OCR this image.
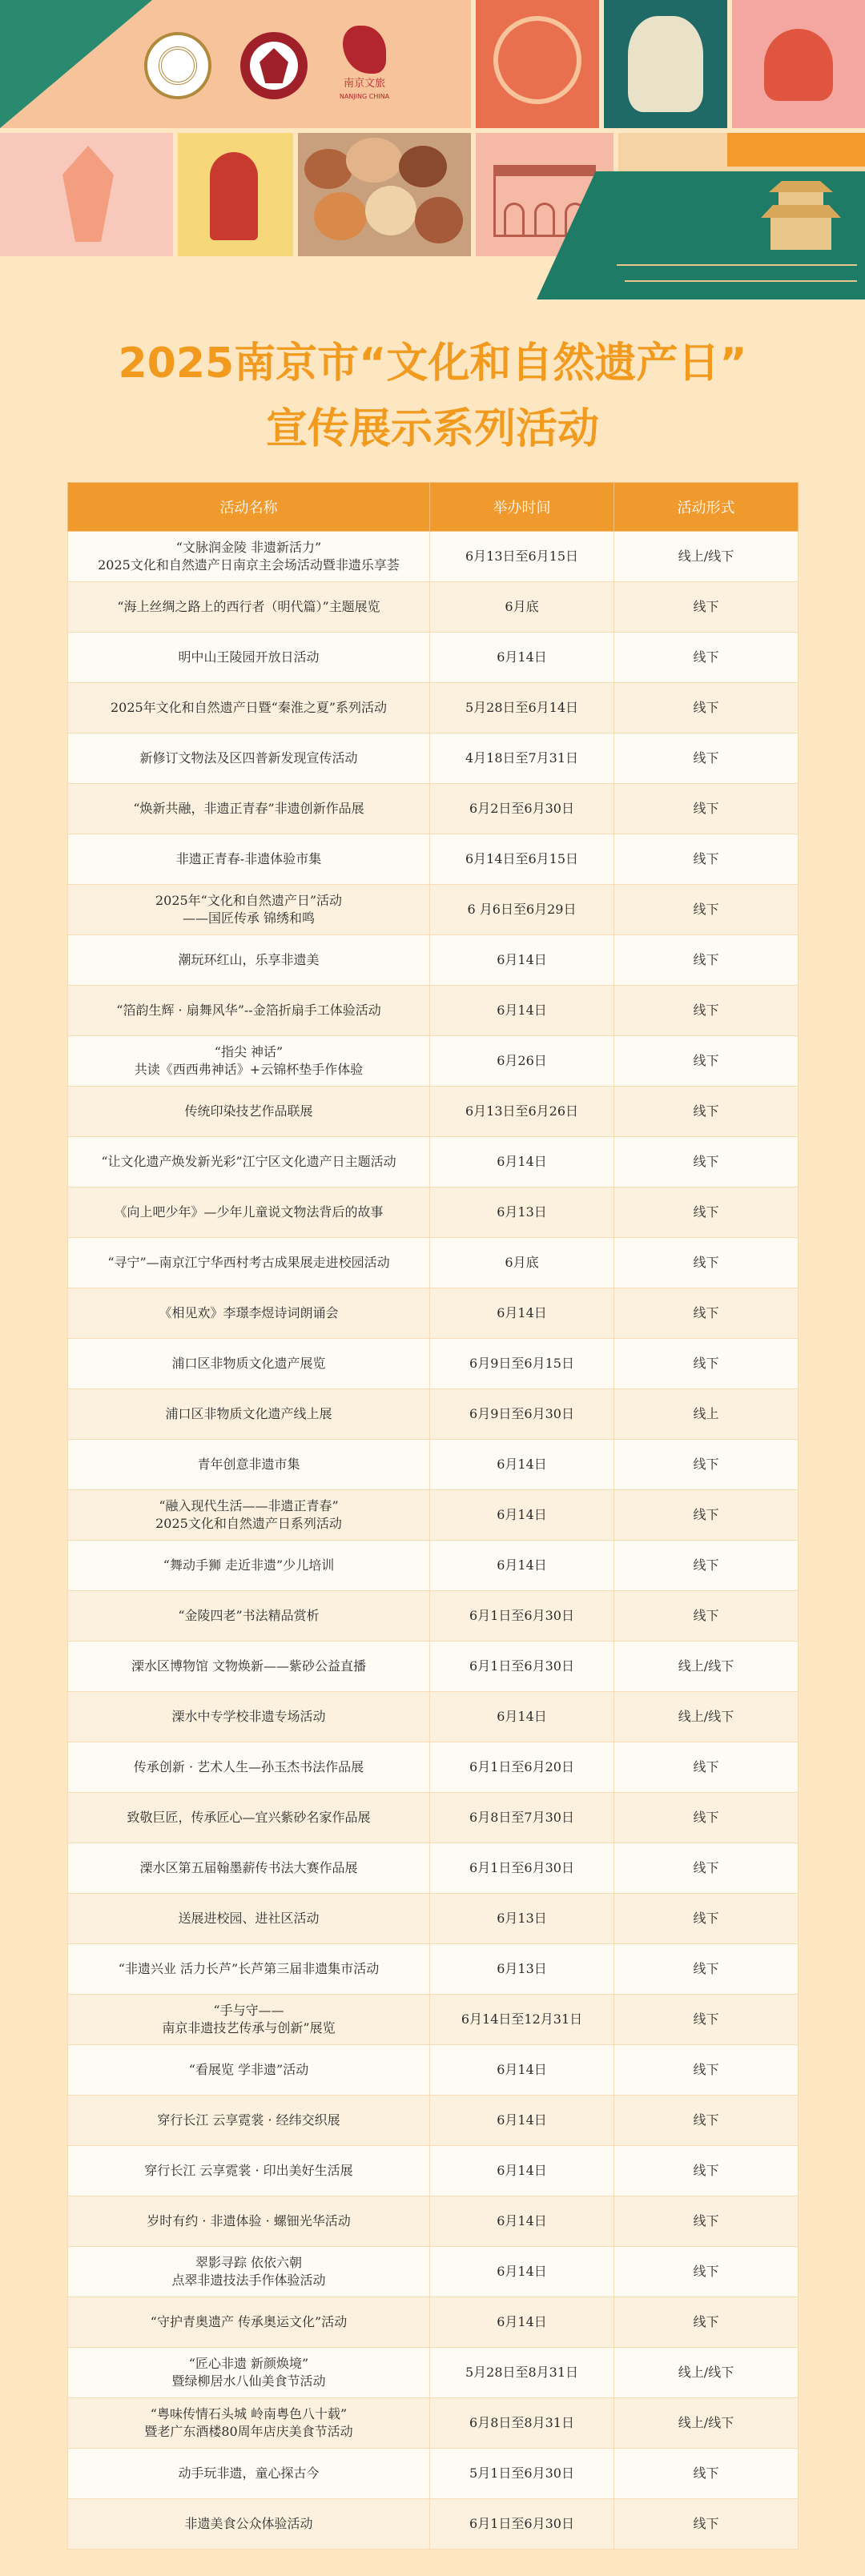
南京文旅
NANJING CHINA
2025南京市“文化和自然遗产日”
宣传展示系列活动
活动名称	举办时间	活动形式
“文脉润金陵 非遗新活力”
2025文化和自然遗产日南京主会场活动暨非遗乐享荟	6月13日至6月15日	线上/线下
“海上丝绸之路上的西行者（明代篇）”主题展览	6月底	线下
明中山王陵园开放日活动	6月14日	线下
2025年文化和自然遗产日暨“秦淮之夏”系列活动	5月28日至6月14日	线下
新修订文物法及区四普新发现宣传活动	4月18日至7月31日	线下
“焕新共融，非遗正青春”非遗创新作品展	6月2日至6月30日	线下
非遗正青春-非遗体验市集	6月14日至6月15日	线下
2025年“文化和自然遗产日”活动
——国匠传承 锦绣和鸣	6 月6日至6月29日	线下
潮玩环红山，乐享非遗美	6月14日	线下
“箔韵生辉 · 扇舞风华”--金箔折扇手工体验活动	6月14日	线下
“指尖 神话”
共读《西西弗神话》+云锦杯垫手作体验	6月26日	线下
传统印染技艺作品联展	6月13日至6月26日	线下
“让文化遗产焕发新光彩”江宁区文化遗产日主题活动	6月14日	线下
《向上吧少年》—少年儿童说文物法背后的故事	6月13日	线下
“寻宁”—南京江宁华西村考古成果展走进校园活动	6月底	线下
《相见欢》李璟李煜诗词朗诵会	6月14日	线下
浦口区非物质文化遗产展览	6月9日至6月15日	线下
浦口区非物质文化遗产线上展	6月9日至6月30日	线上
青年创意非遗市集	6月14日	线下
“融入现代生活——非遗正青春”
2025文化和自然遗产日系列活动	6月14日	线下
“舞动手狮 走近非遗”少儿培训	6月14日	线下
“金陵四老”书法精品赏析	6月1日至6月30日	线下
溧水区博物馆 文物焕新——紫砂公益直播	6月1日至6月30日	线上/线下
溧水中专学校非遗专场活动	6月14日	线上/线下
传承创新 · 艺术人生—孙玉杰书法作品展	6月1日至6月20日	线下
致敬巨匠，传承匠心—宜兴紫砂名家作品展	6月8日至7月30日	线下
溧水区第五届翰墨薪传书法大赛作品展	6月1日至6月30日	线下
送展进校园、进社区活动	6月13日	线下
“非遗兴业 活力长芦”长芦第三届非遗集市活动	6月13日	线下
“手与守——
南京非遗技艺传承与创新”展览	6月14日至12月31日	线下
“看展览 学非遗”活动	6月14日	线下
穿行长江 云享霓裳 · 经纬交织展	6月14日	线下
穿行长江 云享霓裳 · 印出美好生活展	6月14日	线下
岁时有约 · 非遗体验 · 螺钿光华活动	6月14日	线下
翠影寻踪 依依六朝
点翠非遗技法手作体验活动	6月14日	线下
“守护青奥遗产 传承奥运文化”活动	6月14日	线下
“匠心非遗 新颜焕境”
暨绿柳居水八仙美食节活动	5月28日至8月31日	线上/线下
“粤味传情石头城 岭南粤色八十载”
暨老广东酒楼80周年店庆美食节活动	6月8日至8月31日	线上/线下
动手玩非遗，童心探古今	5月1日至6月30日	线下
非遗美食公众体验活动	6月1日至6月30日	线下
